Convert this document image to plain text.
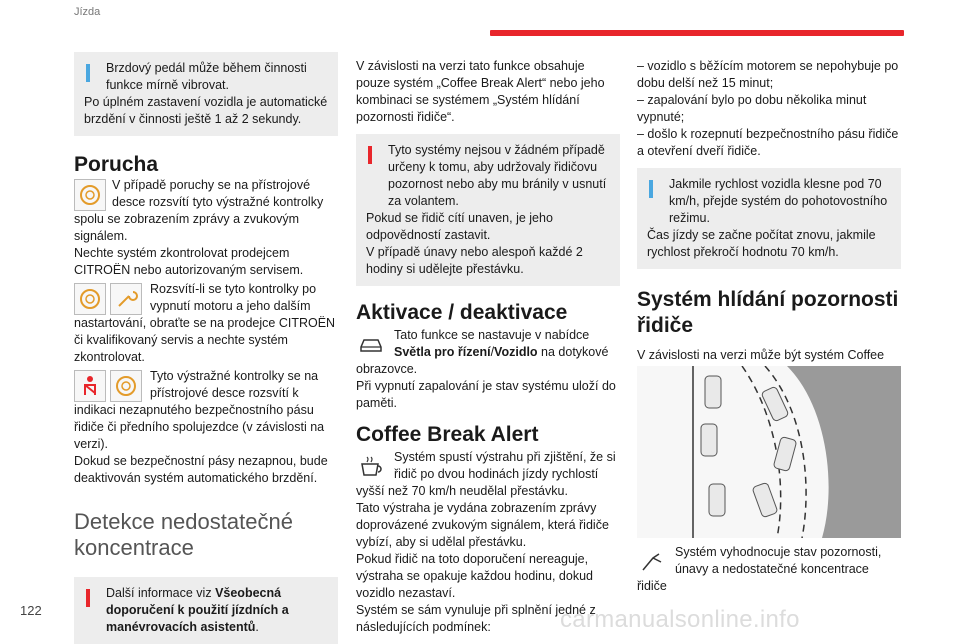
Jízda

Brzdový pedál může během činnosti funkce mírně vibrovat.

Po úplném zastavení vozidla je automatické brzdění v činnosti ještě 1 až 2 sekundy.

Porucha

V případě poruchy se na přístrojové desce rozsvítí tyto výstražné kontrolky spolu se zobrazením zprávy a zvukovým signálem.

Nechte systém zkontrolovat prodejcem CITROËN nebo autorizovaným servisem.

Rozsvítí-li se tyto kontrolky po vypnutí motoru a jeho dalším nastartování, obraťte se na prodejce CITROËN či kvalifikovaný servis a nechte systém zkontrolovat.

Tyto výstražné kontrolky se na přístrojové desce rozsvítí k indikaci nezapnutého bezpečnostního pásu řidiče či předního spolujezdce (v závislosti na verzi).

Dokud se bezpečnostní pásy nezapnou, bude deaktivován systém automatického brzdění.

Detekce nedostatečné koncentrace

Další informace viz Všeobecná doporučení k použití jízdních a manévrovacích asistentů.

V závislosti na verzi tato funkce obsahuje pouze systém „Coffee Break Alert“ nebo jeho kombinaci se systémem „Systém hlídání pozornosti řidiče“.

Tyto systémy nejsou v žádném případě určeny k tomu, aby udržovaly řidičovu pozornost nebo aby mu bránily v usnutí za volantem.

Pokud se řidič cítí unaven, je jeho odpovědností zastavit.

V případě únavy nebo alespoň každé 2 hodiny si udělejte přestávku.

Aktivace / deaktivace

Tato funkce se nastavuje v nabídce Světla pro řízení/Vozidlo na dotykové obrazovce.

Při vypnutí zapalování je stav systému uloží do paměti.

Coffee Break Alert

Systém spustí výstrahu při zjištění, že si řidič po dvou hodinách jízdy rychlostí vyšší než 70 km/h neudělal přestávku.

Tato výstraha je vydána zobrazením zprávy doprovázené zvukovým signálem, která řidiče vybízí, aby si udělal přestávku.

Pokud řidič na toto doporučení nereaguje, výstraha se opakuje každou hodinu, dokud vozidlo nezastaví.

Systém se sám vynuluje při splnění jedné z následujících podmínek:

– vozidlo s běžícím motorem se nepohybuje po dobu delší než 15 minut;

– zapalování bylo po dobu několika minut vypnuté;

– došlo k rozepnutí bezpečnostního pásu řidiče a otevření dveří řidiče.

Jakmile rychlost vozidla klesne pod 70 km/h, přejde systém do pohotovostního režimu.

Čas jízdy se začne počítat znovu, jakmile rychlost překročí hodnotu 70 km/h.

Systém hlídání pozornosti řidiče

V závislosti na verzi může být systém Coffee

Systém vyhodnocuje stav pozornosti, únavy a nedostatečné koncentrace řidiče

122	carmanualsonline.info
